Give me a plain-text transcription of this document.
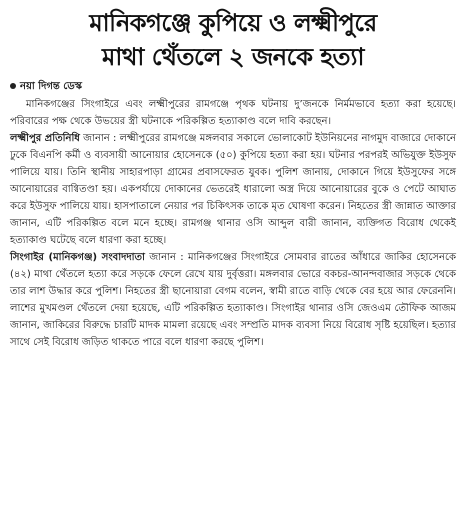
মানিকগঞ্জে কুপিয়ে ও লক্ষ্মীপুরে
মাথা থেঁতলে ২ জনকে হত্যা
নয়া দিগন্ত ডেস্ক

মানিকগঞ্জের সিংগাইরে এবং লক্ষ্মীপুরের রামগঞ্জে পৃথক ঘটনায় দু’জনকে নির্মমভাবে হত্যা করা হয়েছে। পরিবারের পক্ষ থেকে উভয়ের স্ত্রী ঘটনাকে পরিকল্পিত হত্যাকাণ্ড বলে দাবি করছেন।

লক্ষ্মীপুর প্রতিনিধি জানান : লক্ষ্মীপুরের রামগঞ্জে মঙ্গলবার সকালে ভোলাকোট ইউনিয়নের নাগমুদ বাজারে দোকানে ঢুকে বিএনপি কর্মী ও ব্যবসায়ী আনোয়ার হোসেনকে (৫০) কুপিয়ে হত্যা করা হয়। ঘটনার পরপরই অভিযুক্ত ইউসুফ পালিয়ে যায়। তিনি স্থানীয় সাহারপাড়া গ্রামের প্রবাসফেরত যুবক। পুলিশ জানায়, দোকানে গিয়ে ইউসুফের সঙ্গে আনোয়ারের বাগ্বিতণ্ডা হয়। একপর্যায়ে দোকানের ভেতরেই ধারালো অস্ত্র দিয়ে আনোয়ারের বুকে ও পেটে আঘাত করে ইউসুফ পালিয়ে যায়। হাসপাতালে নেয়ার পর চিকিৎসক তাকে মৃত ঘোষণা করেন। নিহতের স্ত্রী জান্নাত আক্তার জানান, এটি পরিকল্পিত বলে মনে হচ্ছে। রামগঞ্জ থানার ওসি আব্দুল বারী জানান, ব্যক্তিগত বিরোধ থেকেই হত্যাকাণ্ড ঘটেছে বলে ধারণা করা হচ্ছে।

সিংগাইর (মানিকগঞ্জ) সংবাদদাতা জানান : মানিকগঞ্জের সিংগাইরে সোমবার রাতের আঁধারে জাকির হোসেনকে (৪২) মাথা থেঁতলে হত্যা করে সড়কে ফেলে রেখে যায় দুর্বৃত্তরা। মঙ্গলবার ভোরে বকচর-আনন্দবাজার সড়কে থেকে তার লাশ উদ্ধার করে পুলিশ। নিহতের স্ত্রী ছানোয়ারা বেগম বলেন, স্বামী রাতে বাড়ি থেকে বের হয়ে আর ফেরেননি। লাশের মুখমণ্ডল থেঁতলে দেয়া হয়েছে, এটি পরিকল্পিত হত্যাকাণ্ড। সিংগাইর থানার ওসি জেওএম তৌফিক আজম জানান, জাকিরের বিরুদ্ধে চারটি মাদক মামলা রয়েছে এবং সম্প্রতি মাদক ব্যবসা নিয়ে বিরোধ সৃষ্টি হয়েছিল। হত্যার সাথে সেই বিরোধ জড়িত থাকতে পারে বলে ধারণা করছে পুলিশ।
